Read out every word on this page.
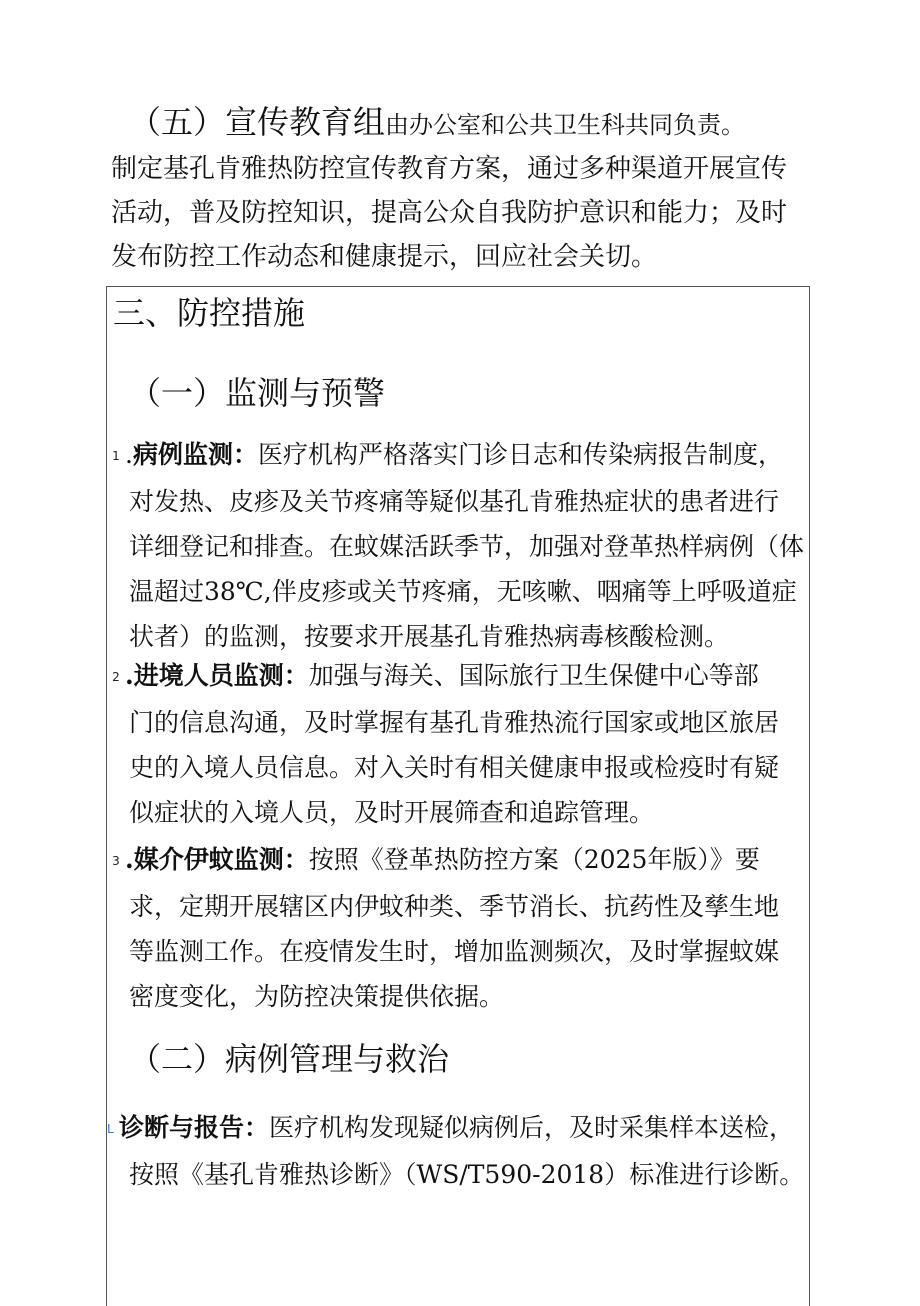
（五）宣传教育组由办公室和公共卫生科共同负责。
制定基孔肯雅热防控宣传教育方案，通过多种渠道开展宣传
活动，普及防控知识，提高公众自我防护意识和能力；及时
发布防控工作动态和健康提示，回应社会关切。
三、防控措施
（一）监测与预警
1 .病例监测：医疗机构严格落实门诊日志和传染病报告制度，
对发热、皮疹及关节疼痛等疑似基孔肯雅热症状的患者进行
详细登记和排查。在蚊媒活跃季节，加强对登革热样病例（体
温超过38℃,伴皮疹或关节疼痛，无咳嗽、咽痛等上呼吸道症
状者）的监测，按要求开展基孔肯雅热病毒核酸检测。
2 .进境人员监测：加强与海关、国际旅行卫生保健中心等部
门的信息沟通，及时掌握有基孔肯雅热流行国家或地区旅居
史的入境人员信息。对入关时有相关健康申报或检疫时有疑
似症状的入境人员，及时开展筛查和追踪管理。
3 .媒介伊蚊监测：按照《登革热防控方案（2025年版）》要
求，定期开展辖区内伊蚊种类、季节消长、抗药性及孳生地
等监测工作。在疫情发生时，增加监测频次，及时掌握蚊媒
密度变化，为防控决策提供依据。
（二）病例管理与救治
L 诊断与报告：医疗机构发现疑似病例后，及时采集样本送检，
按照《基孔肯雅热诊断》（WS/T590-2018）标准进行诊断。
